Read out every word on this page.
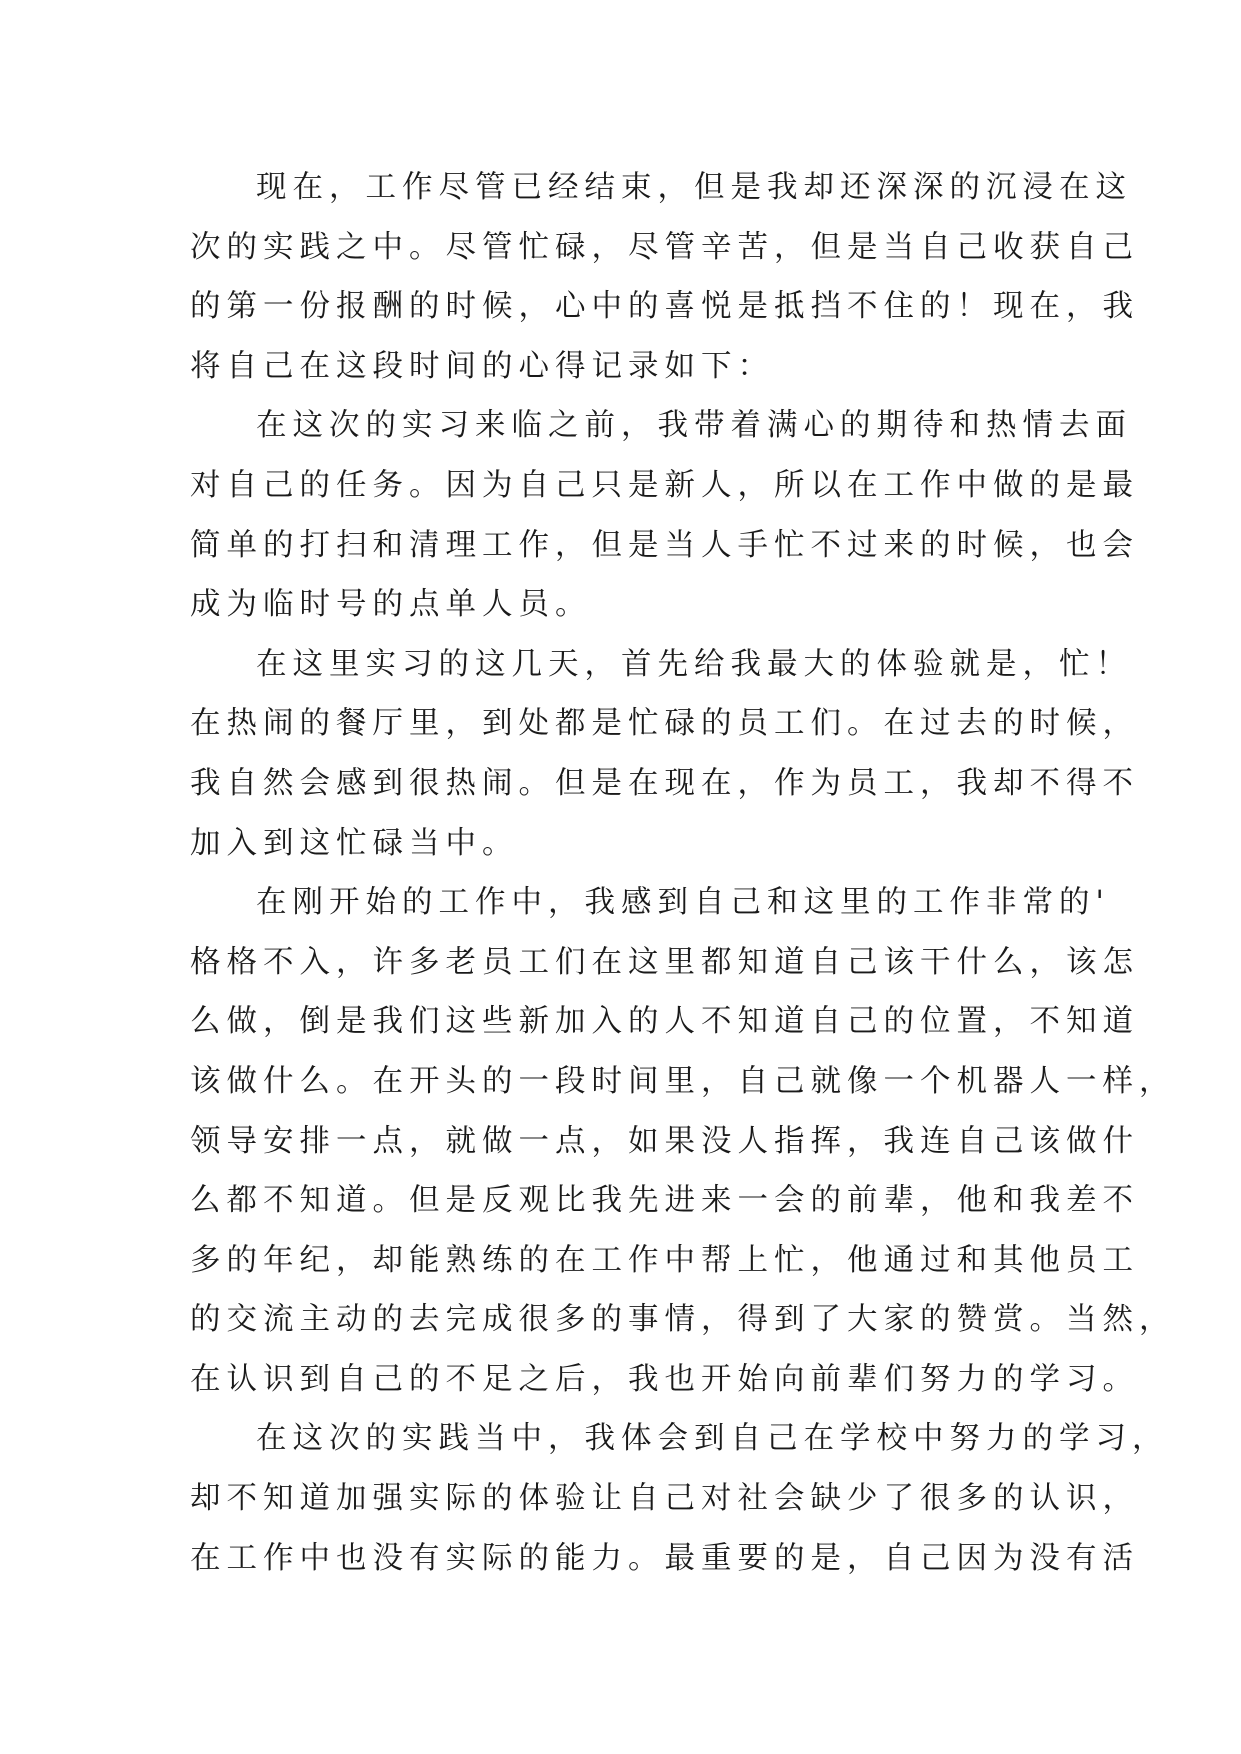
现在，工作尽管已经结束，但是我却还深深的沉浸在这
次的实践之中。尽管忙碌，尽管辛苦，但是当自己收获自己
的第一份报酬的时候，心中的喜悦是抵挡不住的！现在，我
将自己在这段时间的心得记录如下：
在这次的实习来临之前，我带着满心的期待和热情去面
对自己的任务。因为自己只是新人，所以在工作中做的是最
简单的打扫和清理工作，但是当人手忙不过来的时候，也会
成为临时号的点单人员。
在这里实习的这几天，首先给我最大的体验就是，忙！
在热闹的餐厅里，到处都是忙碌的员工们。在过去的时候，
我自然会感到很热闹。但是在现在，作为员工，我却不得不
加入到这忙碌当中。
在刚开始的工作中，我感到自己和这里的工作非常的'
格格不入，许多老员工们在这里都知道自己该干什么，该怎
么做，倒是我们这些新加入的人不知道自己的位置，不知道
该做什么。在开头的一段时间里，自己就像一个机器人一样，
领导安排一点，就做一点，如果没人指挥，我连自己该做什
么都不知道。但是反观比我先进来一会的前辈，他和我差不
多的年纪，却能熟练的在工作中帮上忙，他通过和其他员工
的交流主动的去完成很多的事情，得到了大家的赞赏。当然，
在认识到自己的不足之后，我也开始向前辈们努力的学习。
在这次的实践当中，我体会到自己在学校中努力的学习，
却不知道加强实际的体验让自己对社会缺少了很多的认识，
在工作中也没有实际的能力。最重要的是，自己因为没有活
